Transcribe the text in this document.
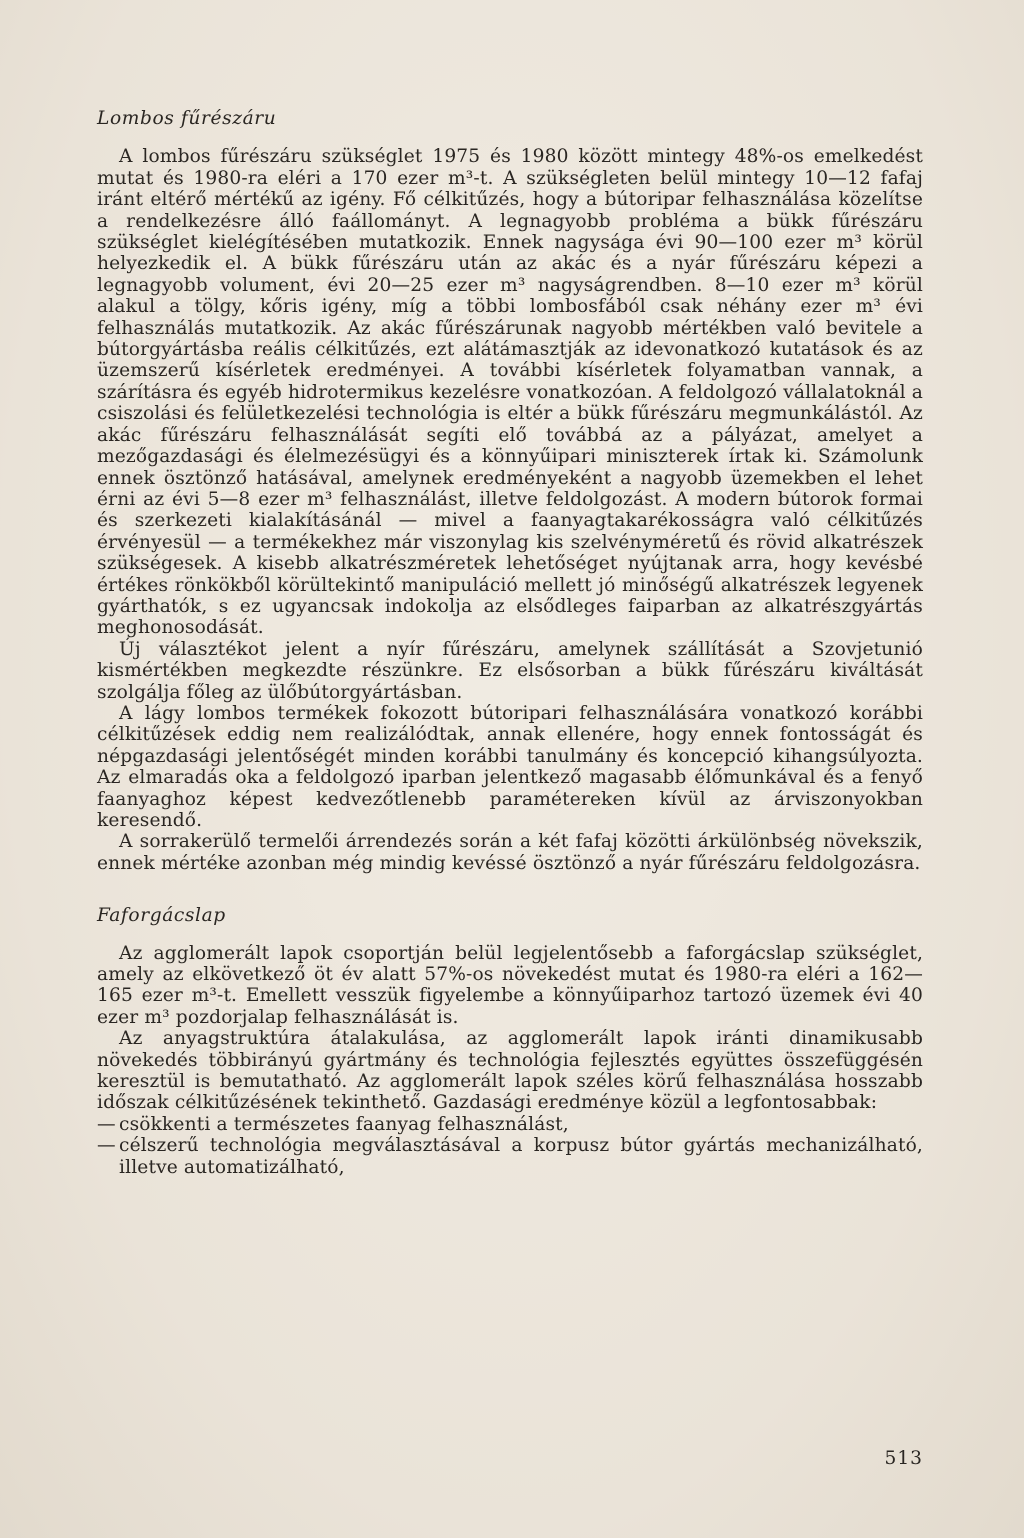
Lombos fűrészáru

A lombos fűrészáru szükséglet 1975 és 1980 között mintegy 48%-os emelkedést mutat és 1980-ra eléri a 170 ezer m³-t. A szükségleten belül mintegy 10—12 fafaj iránt eltérő mértékű az igény. Fő célkitűzés, hogy a bútoripar felhasználása közelítse a rendelkezésre álló faállományt. A legnagyobb probléma a bükk fűrészáru szükséglet kielégítésében mutatkozik. Ennek nagysága évi 90—100 ezer m³ körül helyezkedik el. A bükk fűrészáru után az akác és a nyár fűrészáru képezi a legnagyobb volument, évi 20—25 ezer m³ nagyságrendben. 8—10 ezer m³ körül alakul a tölgy, kőris igény, míg a többi lombosfából csak néhány ezer m³ évi felhasználás mutatkozik. Az akác fűrészárunak nagyobb mértékben való bevitele a bútorgyártásba reális célkitűzés, ezt alátámasztják az idevonatkozó kutatások és az üzemszerű kísérletek eredményei. A további kísérletek folyamatban vannak, a szárításra és egyéb hidrotermikus kezelésre vonatkozóan. A feldolgozó vállalatoknál a csiszolási és felületkezelési technológia is eltér a bükk fűrészáru megmunkálástól. Az akác fűrészáru felhasználását segíti elő továbbá az a pályázat, amelyet a mezőgazdasági és élelmezésügyi és a könnyűipari miniszterek írtak ki. Számolunk ennek ösztönző hatásával, amelynek eredményeként a nagyobb üzemekben el lehet érni az évi 5—8 ezer m³ felhasználást, illetve feldolgozást. A modern bútorok formai és szerkezeti kialakításánál — mivel a faanyagtakarékosságra való célkitűzés érvényesül — a termékekhez már viszonylag kis szelvényméretű és rövid alkatrészek szükségesek. A kisebb alkatrészméretek lehetőséget nyújtanak arra, hogy kevésbé értékes rönkökből körültekintő manipuláció mellett jó minőségű alkatrészek legyenek gyárthatók, s ez ugyancsak indokolja az elsődleges faiparban az alkatrészgyártás meghonosodását.

Új választékot jelent a nyír fűrészáru, amelynek szállítását a Szovjetunió kismértékben megkezdte részünkre. Ez elsősorban a bükk fűrészáru kiváltását szolgálja főleg az ülőbútorgyártásban.

A lágy lombos termékek fokozott bútoripari felhasználására vonatkozó korábbi célkitűzések eddig nem realizálódtak, annak ellenére, hogy ennek fontosságát és népgazdasági jelentőségét minden korábbi tanulmány és koncepció kihangsúlyozta. Az elmaradás oka a feldolgozó iparban jelentkező magasabb élőmunkával és a fenyő faanyaghoz képest kedvezőtlenebb paramétereken kívül az árviszonyokban keresendő.

A sorrakerülő termelői árrendezés során a két fafaj közötti árkülönbség növekszik, ennek mértéke azonban még mindig kevéssé ösztönző a nyár fűrészáru feldolgozásra.

Faforgácslap

Az agglomerált lapok csoportján belül legjelentősebb a faforgácslap szükséglet, amely az elkövetkező öt év alatt 57%-os növekedést mutat és 1980-ra eléri a 162—165 ezer m³-t. Emellett vesszük figyelembe a könnyűiparhoz tartozó üzemek évi 40 ezer m³ pozdorjalap felhasználását is.

Az anyagstruktúra átalakulása, az agglomerált lapok iránti dinamikusabb növekedés többirányú gyártmány és technológia fejlesztés együttes összefüggésén keresztül is bemutatható. Az agglomerált lapok széles körű felhasználása hosszabb időszak célkitűzésének tekinthető. Gazdasági eredménye közül a legfontosabbak:

— csökkenti a természetes faanyag felhasználást,
— célszerű technológia megválasztásával a korpusz bútor gyártás mechanizálható, illetve automatizálható,
513
